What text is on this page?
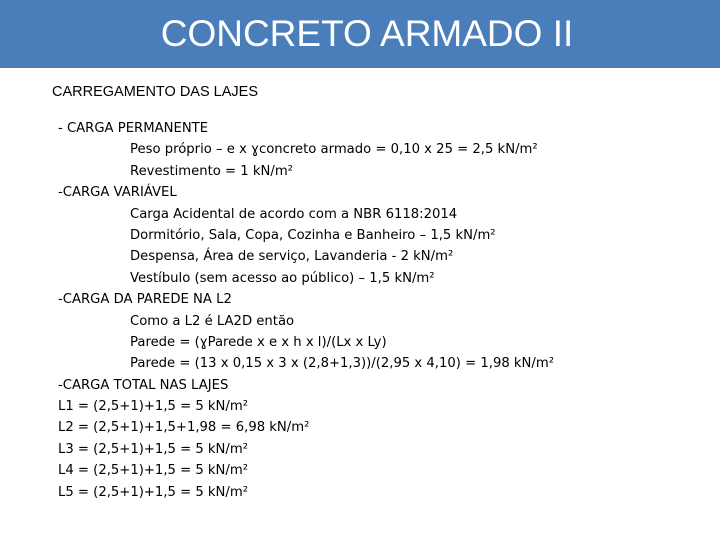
CONCRETO ARMADO II
CARREGAMENTO DAS LAJES
- CARGA PERMANENTE
Peso próprio – e x ɣconcreto armado = 0,10 x 25 = 2,5 kN/m²
Revestimento = 1 kN/m²
-CARGA VARIÁVEL
Carga Acidental de acordo com a NBR 6118:2014
Dormitório, Sala, Copa, Cozinha e Banheiro – 1,5 kN/m²
Despensa, Área de serviço, Lavanderia - 2 kN/m²
Vestíbulo (sem acesso ao público) – 1,5 kN/m²
-CARGA DA PAREDE NA L2
Como a L2 é LA2D então
Parede = (ɣParede x e x h x l)/(Lx x Ly)
Parede = (13 x 0,15 x 3 x (2,8+1,3))/(2,95 x 4,10) = 1,98 kN/m²
-CARGA TOTAL NAS LAJES
L1 = (2,5+1)+1,5 = 5 kN/m²
L2 = (2,5+1)+1,5+1,98 = 6,98 kN/m²
L3 = (2,5+1)+1,5 = 5 kN/m²
L4 = (2,5+1)+1,5 = 5 kN/m²
L5 = (2,5+1)+1,5 = 5 kN/m²
